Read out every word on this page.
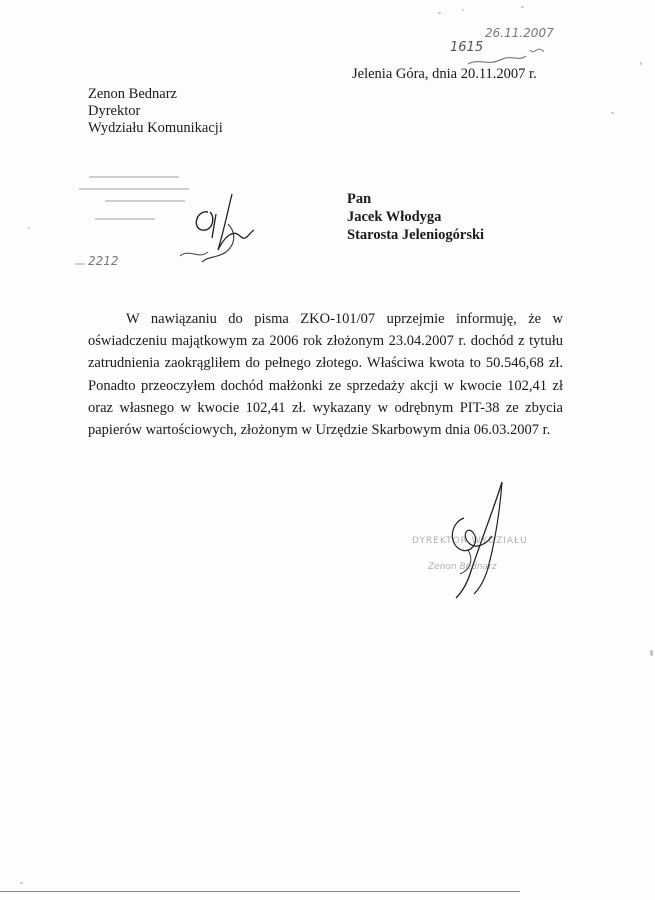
1615
26.11.2007
Jelenia Góra, dnia 20.11.2007 r.
Zenon Bednarz
Dyrektor
Wydziału Komunikacji
2212
Pan
Jacek Włodyga
Starosta Jeleniogórski
W nawiązaniu do pisma ZKO-101/07 uprzejmie informuję, że w oświadczeniu majątkowym za 2006 rok złożonym 23.04.2007 r. dochód z tytułu zatrudnienia zaokrągliłem do pełnego złotego. Właściwa kwota to 50.546,68 zł. Ponadto przeoczyłem dochód małżonki ze sprzedaży akcji w kwocie 102,41 zł oraz własnego w kwocie 102,41 zł. wykazany w odrębnym PIT-38 ze zbycia papierów wartościowych, złożonym w Urzędzie Skarbowym dnia 06.03.2007 r.
DYREKTOR WYDZIAŁU
Zenon Bednarz
